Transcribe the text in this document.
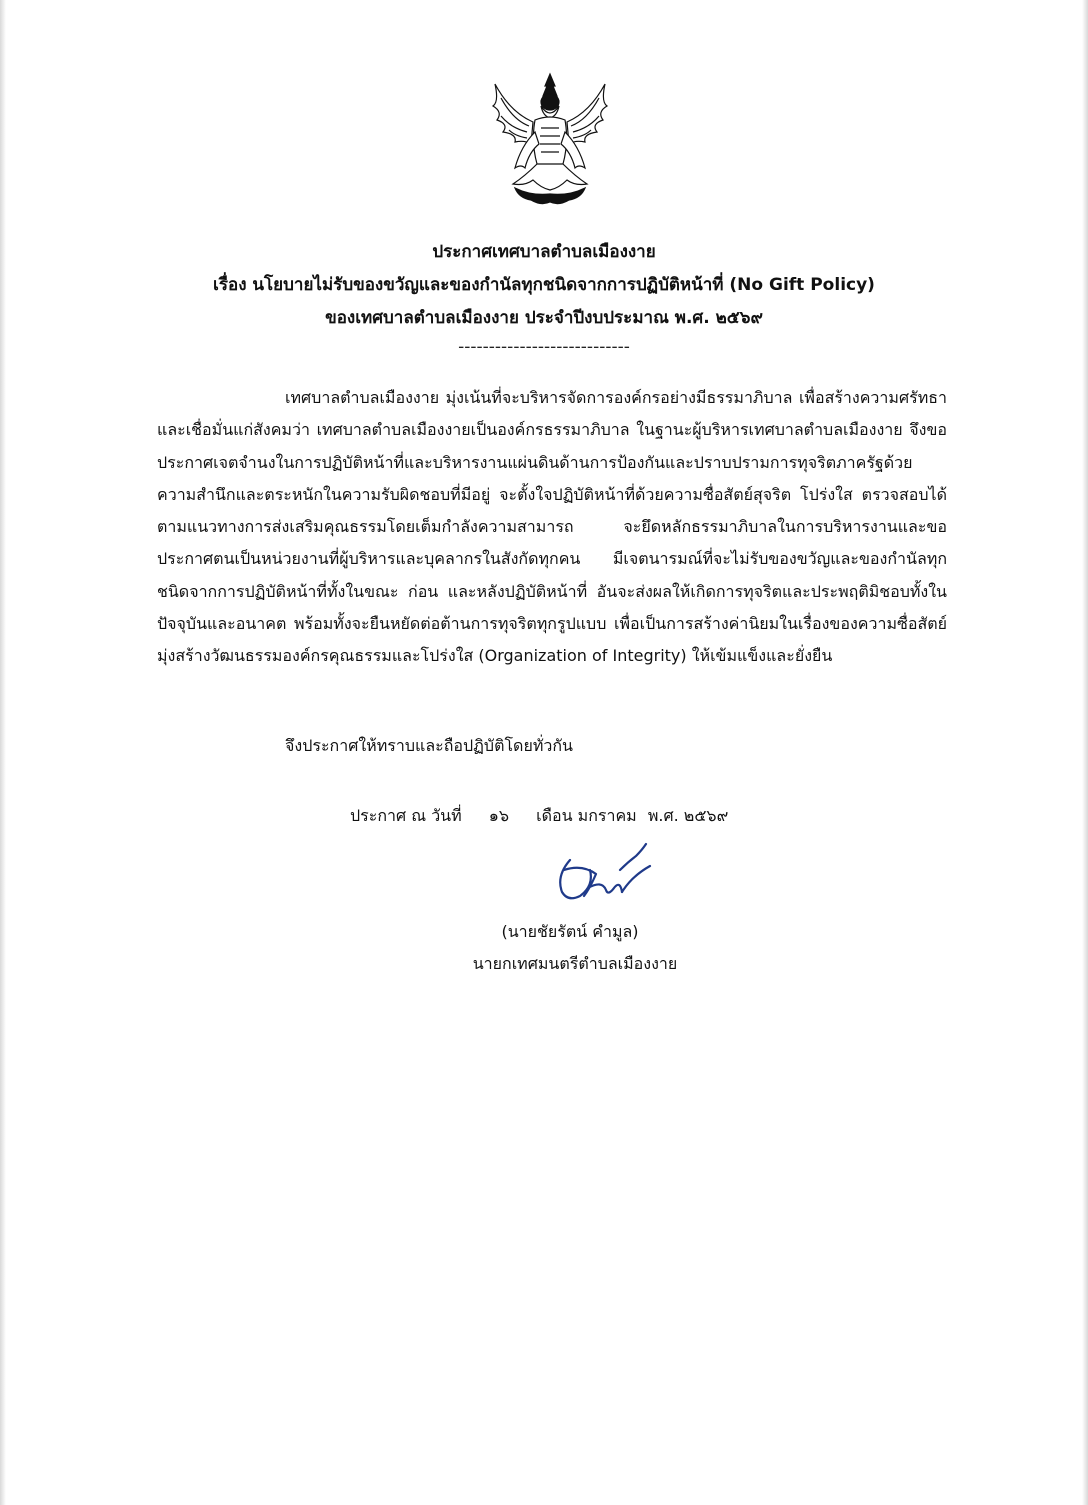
ประกาศเทศบาลตำบลเมืองงาย
เรื่อง นโยบายไม่รับของขวัญและของกำนัลทุกชนิดจากการปฏิบัติหน้าที่ (No Gift Policy)
ของเทศบาลตำบลเมืองงาย ประจำปีงบประมาณ พ.ศ. ๒๕๖๙
----------------------------

เทศบาลตำบลเมืองงาย มุ่งเน้นที่จะบริหารจัดการองค์กรอย่างมีธรรมาภิบาล เพื่อสร้างความศรัทธาและเชื่อมั่นแก่สังคมว่า เทศบาลตำบลเมืองงายเป็นองค์กรธรรมาภิบาล ในฐานะผู้บริหารเทศบาลตำบลเมืองงาย จึงขอประกาศเจตจำนงในการปฏิบัติหน้าที่และบริหารงานแผ่นดินด้านการป้องกันและปราบปรามการทุจริตภาครัฐด้วยความสำนึกและตระหนักในความรับผิดชอบที่มีอยู่ จะตั้งใจปฏิบัติหน้าที่ด้วยความซื่อสัตย์สุจริต โปร่งใส ตรวจสอบได้ ตามแนวทางการส่งเสริมคุณธรรมโดยเต็มกำลังความสามารถ จะยึดหลักธรรมาภิบาลในการบริหารงานและขอประกาศตนเป็นหน่วยงานที่ผู้บริหารและบุคลากรในสังกัดทุกคน มีเจตนารมณ์ที่จะไม่รับของขวัญและของกำนัลทุกชนิดจากการปฏิบัติหน้าที่ทั้งในขณะ ก่อน และหลังปฏิบัติหน้าที่ อันจะส่งผลให้เกิดการทุจริตและประพฤติมิชอบทั้งในปัจจุบันและอนาคต พร้อมทั้งจะยืนหยัดต่อต้านการทุจริตทุกรูปแบบ เพื่อเป็นการสร้างค่านิยมในเรื่องของความซื่อสัตย์มุ่งสร้างวัฒนธรรมองค์กรคุณธรรมและโปร่งใส (Organization of Integrity) ให้เข้มแข็งและยั่งยืน

จึงประกาศให้ทราบและถือปฏิบัติโดยทั่วกัน
ประกาศ ณ วันที่ ๑๖ เดือน มกราคม พ.ศ. ๒๕๖๙
(นายชัยรัตน์ คำมูล)
นายกเทศมนตรีตำบลเมืองงาย
